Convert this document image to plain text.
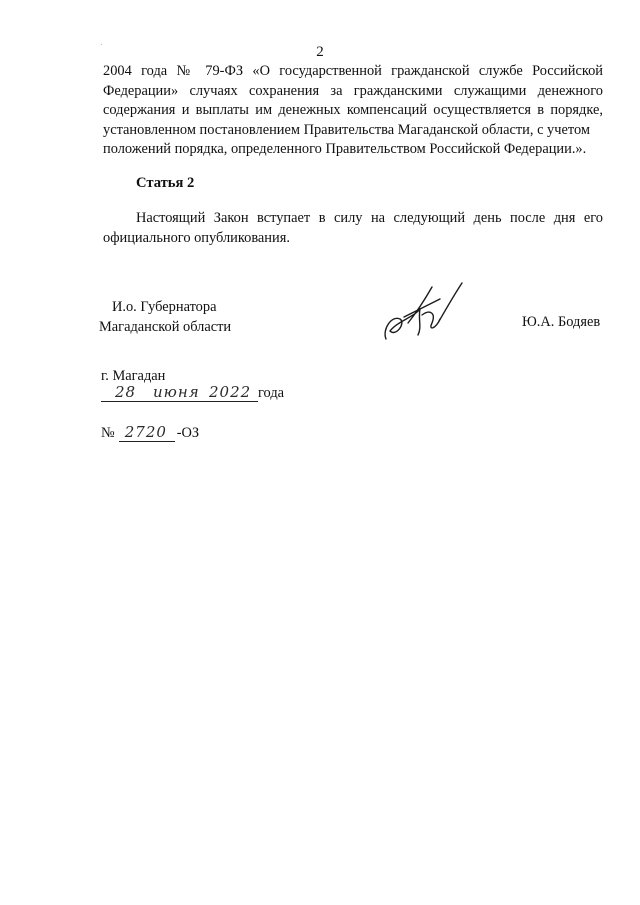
2
2004 года № 79-ФЗ «О государственной гражданской службе Российской Федерации» случаях сохранения за гражданскими служащими денежного содержания и выплаты им денежных компенсаций осуществляется в порядке, установленном постановлением Правительства Магаданской области, с учетом
положений порядка, определенного Правительством Российской Федерации.».
Статья 2
Настоящий Закон вступает в силу на следующий день после дня его официального опубликования.
И.о. Губернатора
Магаданской области	Ю.А. Бодяев
г. Магадан
28 июня 2022 года
№ 2720 -ОЗ
